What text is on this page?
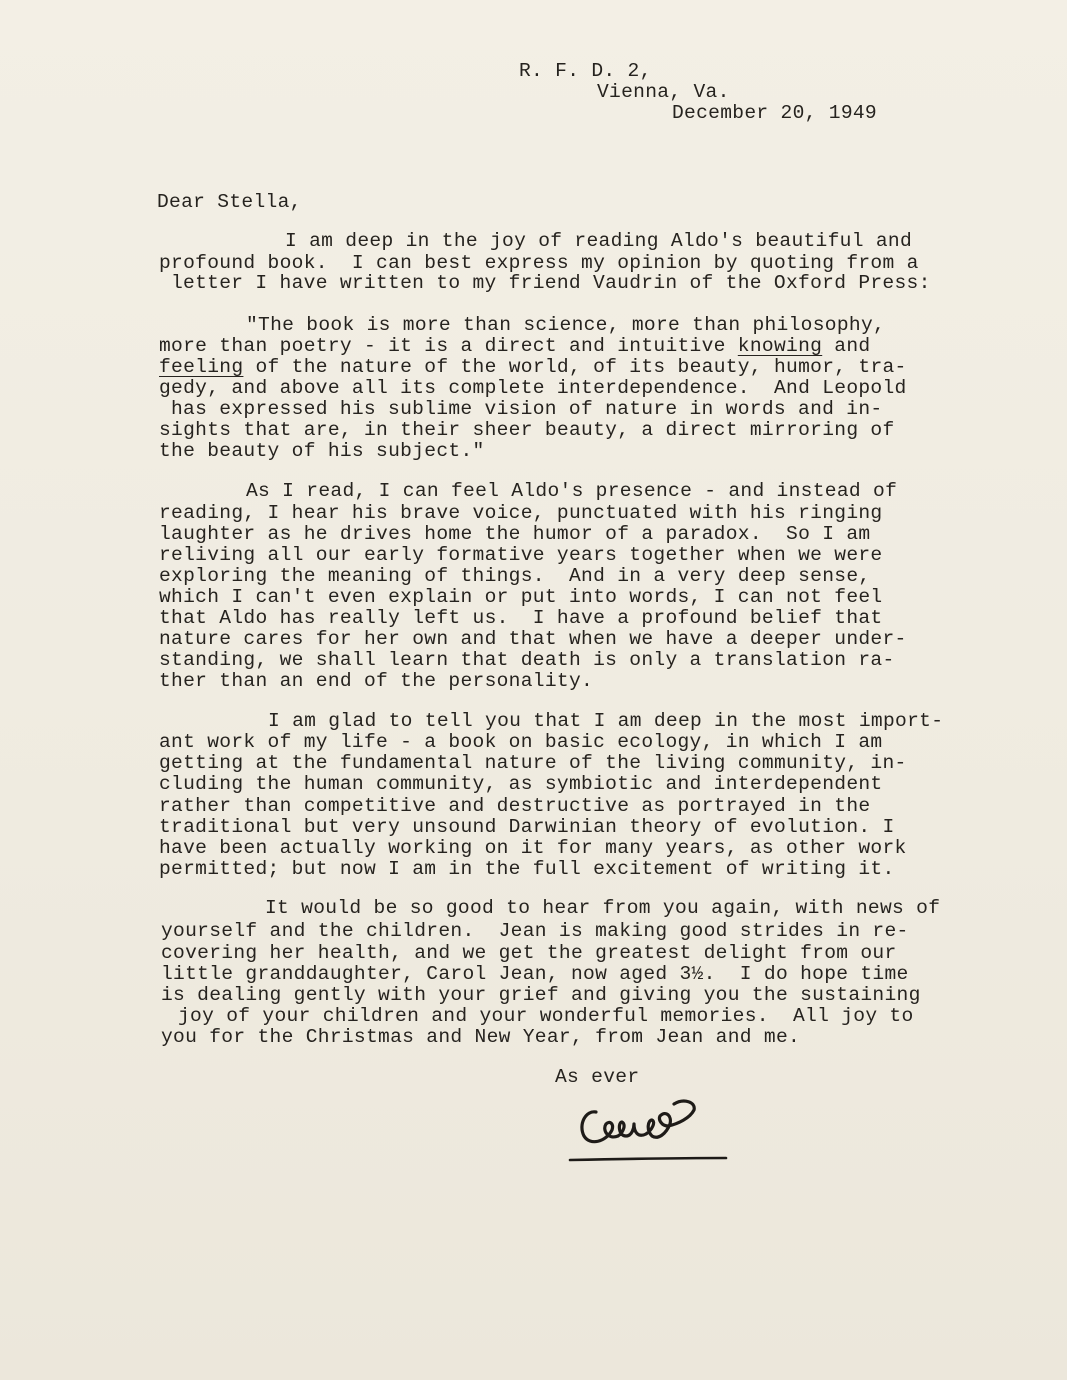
R. F. D. 2,
Vienna, Va.
December 20, 1949
Dear Stella,
I am deep in the joy of reading Aldo's beautiful and
profound book.  I can best express my opinion by quoting from a
letter I have written to my friend Vaudrin of the Oxford Press:
"The book is more than science, more than philosophy,
more than poetry - it is a direct and intuitive knowing and
feeling of the nature of the world, of its beauty, humor, tra-
gedy, and above all its complete interdependence.  And Leopold
has expressed his sublime vision of nature in words and in-
sights that are, in their sheer beauty, a direct mirroring of
the beauty of his subject."
As I read, I can feel Aldo's presence - and instead of
reading, I hear his brave voice, punctuated with his ringing
laughter as he drives home the humor of a paradox.  So I am
reliving all our early formative years together when we were
exploring the meaning of things.  And in a very deep sense,
which I can't even explain or put into words, I can not feel
that Aldo has really left us.  I have a profound belief that
nature cares for her own and that when we have a deeper under-
standing, we shall learn that death is only a translation ra-
ther than an end of the personality.
I am glad to tell you that I am deep in the most import-
ant work of my life - a book on basic ecology, in which I am
getting at the fundamental nature of the living community, in-
cluding the human community, as symbiotic and interdependent
rather than competitive and destructive as portrayed in the
traditional but very unsound Darwinian theory of evolution. I
have been actually working on it for many years, as other work
permitted; but now I am in the full excitement of writing it.
It would be so good to hear from you again, with news of
yourself and the children.  Jean is making good strides in re-
covering her health, and we get the greatest delight from our
little granddaughter, Carol Jean, now aged 3½.  I do hope time
is dealing gently with your grief and giving you the sustaining
joy of your children and your wonderful memories.  All joy to
you for the Christmas and New Year, from Jean and me.
As ever
